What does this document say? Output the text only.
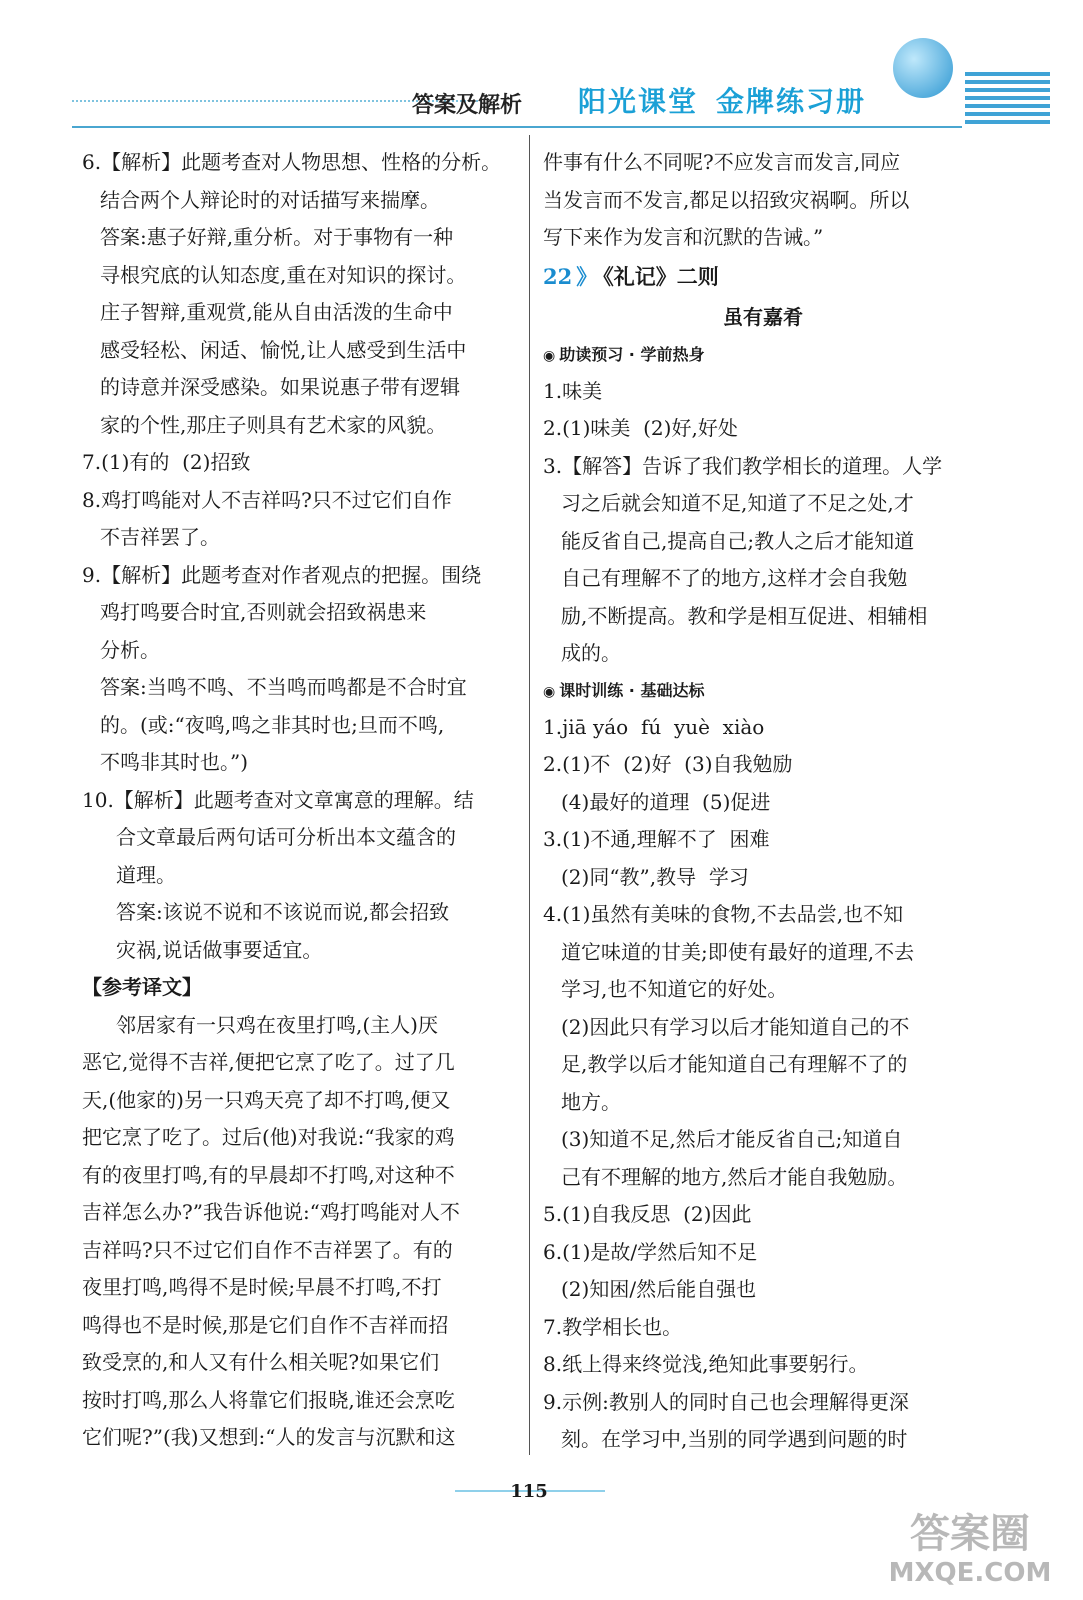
答案及解析 阳光课堂 金牌练习册
6.【解析】此题考查对人物思想、性格的分析。
结合两个人辩论时的对话描写来揣摩。
答案:惠子好辩,重分析。对于事物有一种
寻根究底的认知态度,重在对知识的探讨。
庄子智辩,重观赏,能从自由活泼的生命中
感受轻松、闲适、愉悦,让人感受到生活中
的诗意并深受感染。如果说惠子带有逻辑
家的个性,那庄子则具有艺术家的风貌。
7.(1)有的  (2)招致
8.鸡打鸣能对人不吉祥吗?只不过它们自作
不吉祥罢了。
9.【解析】此题考查对作者观点的把握。围绕
鸡打鸣要合时宜,否则就会招致祸患来
分析。
答案:当鸣不鸣、不当鸣而鸣都是不合时宜
的。(或:“夜鸣,鸣之非其时也;旦而不鸣,
不鸣非其时也。”)
10.【解析】此题考查对文章寓意的理解。结
合文章最后两句话可分析出本文蕴含的
道理。
答案:该说不说和不该说而说,都会招致
灾祸,说话做事要适宜。
【参考译文】
邻居家有一只鸡在夜里打鸣,(主人)厌
恶它,觉得不吉祥,便把它烹了吃了。过了几
天,(他家的)另一只鸡天亮了却不打鸣,便又
把它烹了吃了。过后(他)对我说:“我家的鸡
有的夜里打鸣,有的早晨却不打鸣,对这种不
吉祥怎么办?”我告诉他说:“鸡打鸣能对人不
吉祥吗?只不过它们自作不吉祥罢了。有的
夜里打鸣,鸣得不是时候;早晨不打鸣,不打
鸣得也不是时候,那是它们自作不吉祥而招
致受烹的,和人又有什么相关呢?如果它们
按时打鸣,那么人将靠它们报晓,谁还会烹吃
它们呢?”(我)又想到:“人的发言与沉默和这
件事有什么不同呢?不应发言而发言,同应
当发言而不发言,都足以招致灾祸啊。所以
写下来作为发言和沉默的告诫。”
22 》 《礼记》二则
虽有嘉肴
◉ 助读预习 · 学前热身
1.味美
2.(1)味美  (2)好,好处
3.【解答】告诉了我们教学相长的道理。人学
习之后就会知道不足,知道了不足之处,才
能反省自己,提高自己;教人之后才能知道
自己有理解不了的地方,这样才会自我勉
励,不断提高。教和学是相互促进、相辅相
成的。
◉ 课时训练 · 基础达标
1.jiā yáo  fú  yuè  xiào
2.(1)不  (2)好  (3)自我勉励
(4)最好的道理  (5)促进
3.(1)不通,理解不了  困难
(2)同“教”,教导  学习
4.(1)虽然有美味的食物,不去品尝,也不知
道它味道的甘美;即使有最好的道理,不去
学习,也不知道它的好处。
(2)因此只有学习以后才能知道自己的不
足,教学以后才能知道自己有理解不了的
地方。
(3)知道不足,然后才能反省自己;知道自
己有不理解的地方,然后才能自我勉励。
5.(1)自我反思  (2)因此
6.(1)是故/学然后知不足
(2)知困/然后能自强也
7.教学相长也。
8.纸上得来终觉浅,绝知此事要躬行。
9.示例:教别人的同时自己也会理解得更深
刻。在学习中,当别的同学遇到问题的时
115
答案圈
MXQE.COM
